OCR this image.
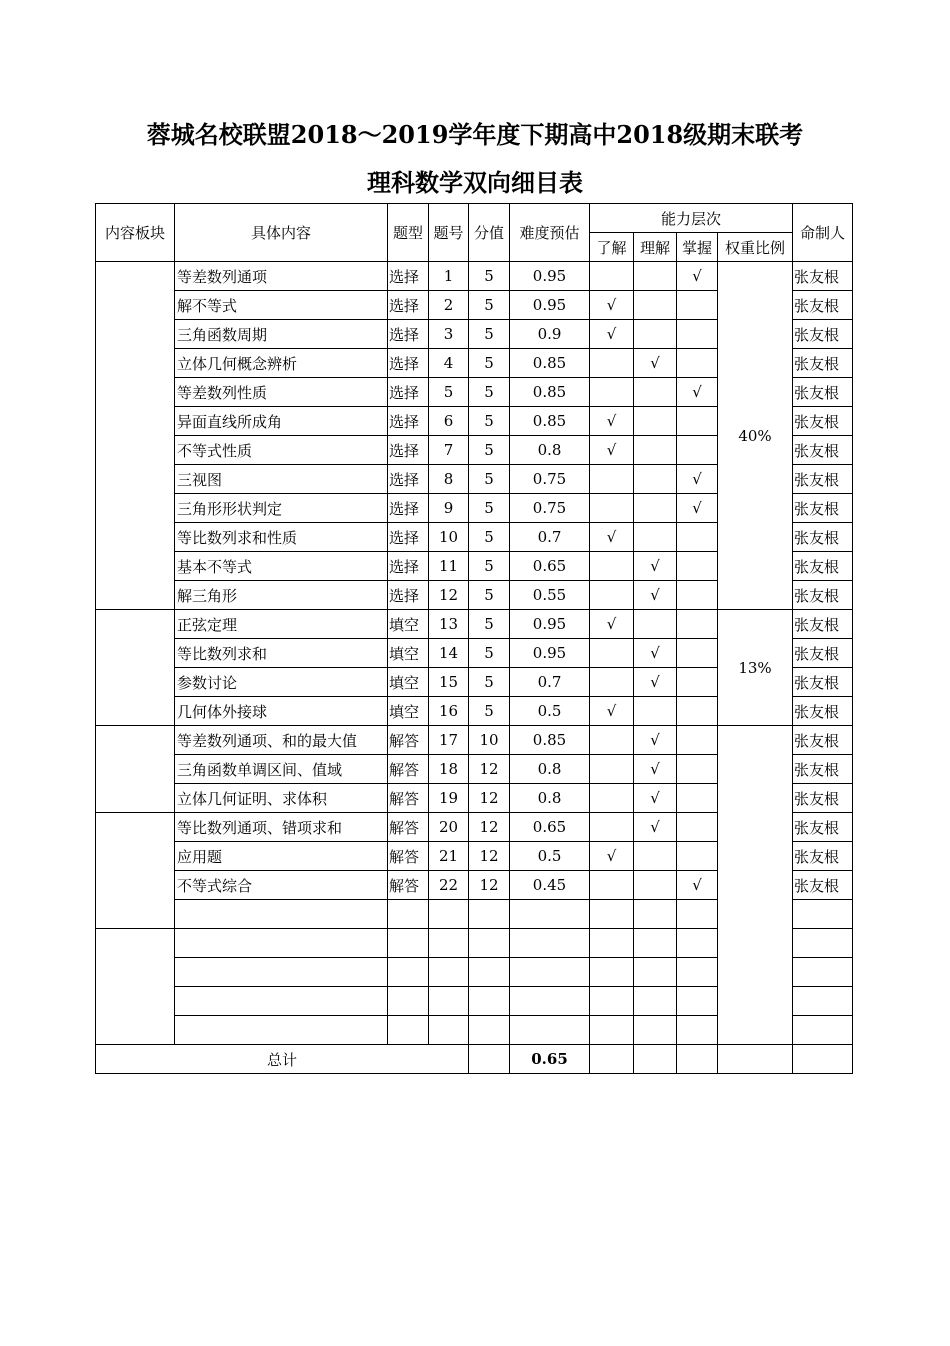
蓉城名校联盟2018～2019学年度下期高中2018级期末联考
理科数学双向细目表
内容板块	具体内容	题型	题号	分值	难度预估	能力层次				命制人
						了解	理解	掌握	权重比例	
	等差数列通项	选择	1	5	0.95			√	40%	张友根
	解不等式	选择	2	5	0.95	√				张友根
	三角函数周期	选择	3	5	0.9	√				张友根
	立体几何概念辨析	选择	4	5	0.85		√			张友根
	等差数列性质	选择	5	5	0.85			√		张友根
	异面直线所成角	选择	6	5	0.85	√				张友根
	不等式性质	选择	7	5	0.8	√				张友根
	三视图	选择	8	5	0.75			√		张友根
	三角形形状判定	选择	9	5	0.75			√		张友根
	等比数列求和性质	选择	10	5	0.7	√				张友根
	基本不等式	选择	11	5	0.65		√			张友根
	解三角形	选择	12	5	0.55		√			张友根
	正弦定理	填空	13	5	0.95	√			13%	张友根
	等比数列求和	填空	14	5	0.95		√			张友根
	参数讨论	填空	15	5	0.7		√			张友根
	几何体外接球	填空	16	5	0.5	√				张友根
	等差数列通项、和的最大值	解答	17	10	0.85		√			张友根
	三角函数单调区间、值域	解答	18	12	0.8		√			张友根
	立体几何证明、求体积	解答	19	12	0.8		√			张友根
	等比数列通项、错项求和	解答	20	12	0.65		√			张友根
	应用题	解答	21	12	0.5	√				张友根
	不等式综合	解答	22	12	0.45			√		张友根

总计					0.65					
